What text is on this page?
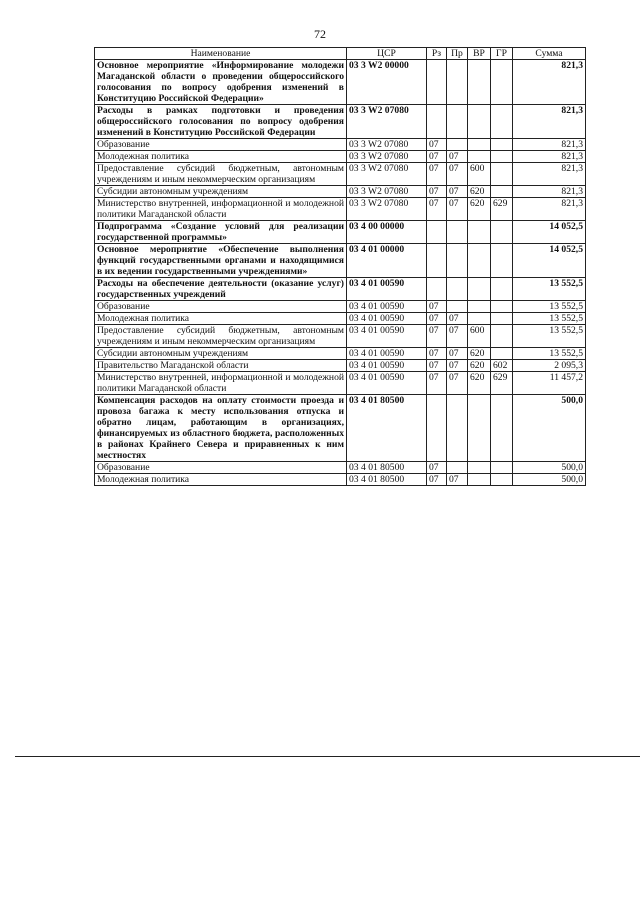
72
Наименование	ЦСР	Рз	Пр	ВР	ГР	Сумма
Основное мероприятие «Информирование молодежи Магаданской области о проведении общероссийского голосования по вопросу одобрения изменений в Конституцию Российской Федерации»	03 3 W2 00000					821,3
Расходы в рамках подготовки и проведения общероссийского голосования по вопросу одобрения изменений в Конституцию Российской Федерации	03 3 W2 07080					821,3
Образование	03 3 W2 07080	07				821,3
Молодежная политика	03 3 W2 07080	07	07			821,3
Предоставление субсидий бюджетным, автономным учреждениям и иным некоммерческим организациям	03 3 W2 07080	07	07	600		821,3
Субсидии автономным учреждениям	03 3 W2 07080	07	07	620		821,3
Министерство внутренней, информационной и молодежной политики Магаданской области	03 3 W2 07080	07	07	620	629	821,3
Подпрограмма «Создание условий для реализации государственной программы»	03 4 00 00000					14 052,5
Основное мероприятие «Обеспечение выполнения функций государственными органами и находящимися в их ведении государственными учреждениями»	03 4 01 00000					14 052,5
Расходы на обеспечение деятельности (оказание услуг) государственных учреждений	03 4 01 00590					13 552,5
Образование	03 4 01 00590	07				13 552,5
Молодежная политика	03 4 01 00590	07	07			13 552,5
Предоставление субсидий бюджетным, автономным учреждениям и иным некоммерческим организациям	03 4 01 00590	07	07	600		13 552,5
Субсидии автономным учреждениям	03 4 01 00590	07	07	620		13 552,5
Правительство Магаданской области	03 4 01 00590	07	07	620	602	2 095,3
Министерство внутренней, информационной и молодежной политики Магаданской области	03 4 01 00590	07	07	620	629	11 457,2
Компенсация расходов на оплату стоимости проезда и провоза багажа к месту использования отпуска и обратно лицам, работающим в организациях, финансируемых из областного бюджета, расположенных в районах Крайнего Севера и приравненных к ним местностях	03 4 01 80500					500,0
Образование	03 4 01 80500	07				500,0
Молодежная политика	03 4 01 80500	07	07			500,0
